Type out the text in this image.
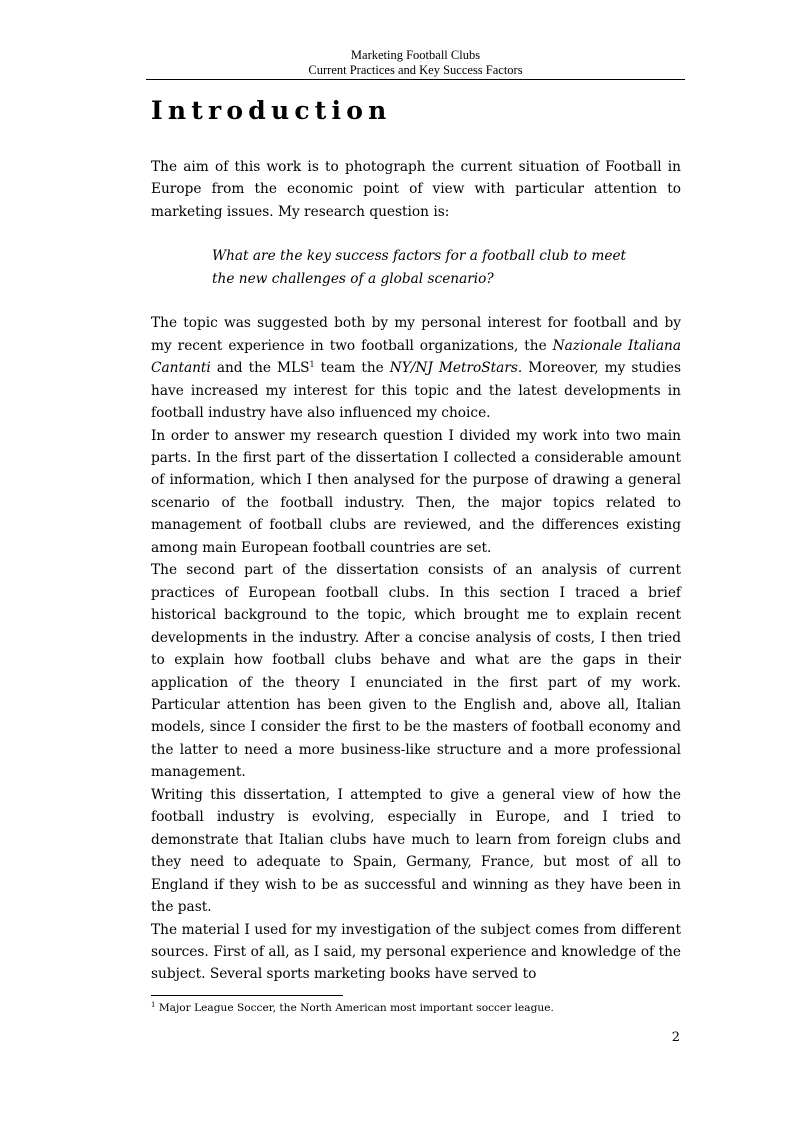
Marketing Football Clubs
Current Practices and Key Success Factors
Introduction

The aim of this work is to photograph the current situation of Football in Europe from the economic point of view with particular attention to marketing issues. My research question is:

What are the key success factors for a football club to meet
the new challenges of a global scenario?

The topic was suggested both by my personal interest for football and by my recent experience in two football organizations, the Nazionale Italiana Cantanti and the MLS$^1$ team the NY/NJ MetroStars. Moreover, my studies have increased my interest for this topic and the latest developments in football industry have also influenced my choice.

In order to answer my research question I divided my work into two main parts. In the first part of the dissertation I collected a considerable amount of information, which I then analysed for the purpose of drawing a general scenario of the football industry. Then, the major topics related to management of football clubs are reviewed, and the differences existing among main European football countries are set.

The second part of the dissertation consists of an analysis of current practices of European football clubs. In this section I traced a brief historical background to the topic, which brought me to explain recent developments in the industry. After a concise analysis of costs, I then tried to explain how football clubs behave and what are the gaps in their application of the theory I enunciated in the first part of my work. Particular attention has been given to the English and, above all, Italian models, since I consider the first to be the masters of football economy and the latter to need a more business-like structure and a more professional management.

Writing this dissertation, I attempted to give a general view of how the football industry is evolving, especially in Europe, and I tried to demonstrate that Italian clubs have much to learn from foreign clubs and they need to adequate to Spain, Germany, France, but most of all to England if they wish to be as successful and winning as they have been in the past.

The material I used for my investigation of the subject comes from different sources. First of all, as I said, my personal experience and knowledge of the subject. Several sports marketing books have served to

$^1$ Major League Soccer, the North American most important soccer league.
2
